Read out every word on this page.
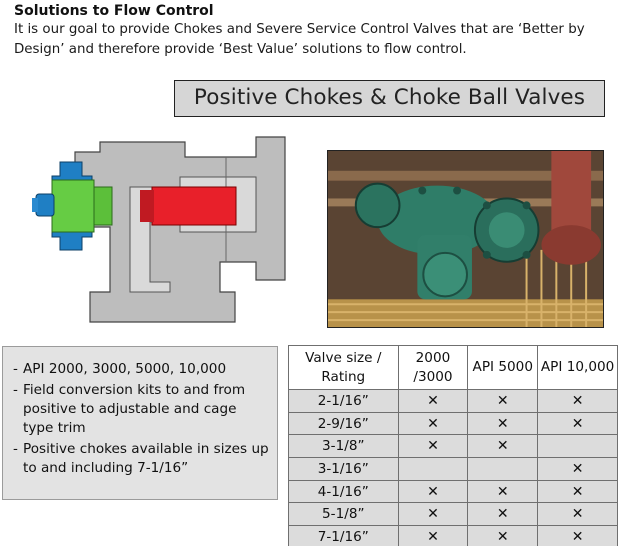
Solutions to Flow Control

It is our goal to provide Chokes and Severe Service Control Valves that are ‘Better by Design’ and therefore provide ‘Best Value’ solutions to flow control.

Positive Chokes & Choke Ball Valves
- API 2000, 3000, 5000, 10,000
- Field conversion kits to and from positive to adjustable and cage type trim
- Positive chokes available in sizes up to and including 7-1/16”
Valve size / Rating	2000 /3000	API 5000	API 10,000
2-1/16”	✕	✕	✕
2-9/16”	✕	✕	✕
3-1/8”	✕	✕	
3-1/16”			✕
4-1/16”	✕	✕	✕
5-1/8”	✕	✕	✕
7-1/16”	✕	✕	✕
